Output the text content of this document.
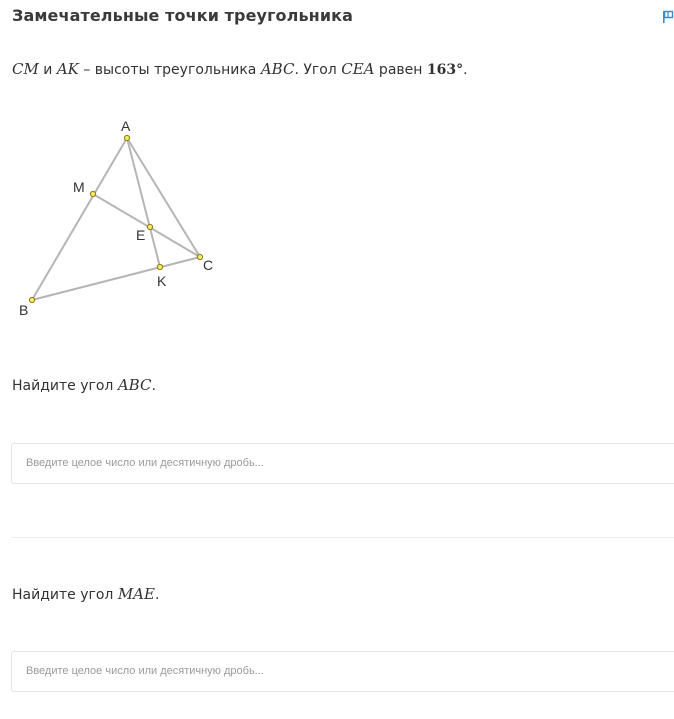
Замечательные точки треугольника
CM и AK – высоты треугольника ABC. Угол CEA равен 163°.
A
B
C
M
E
K
Найдите угол ABC.
Введите целое число или десятичную дробь...
Найдите угол MAE.
Введите целое число или десятичную дробь...
